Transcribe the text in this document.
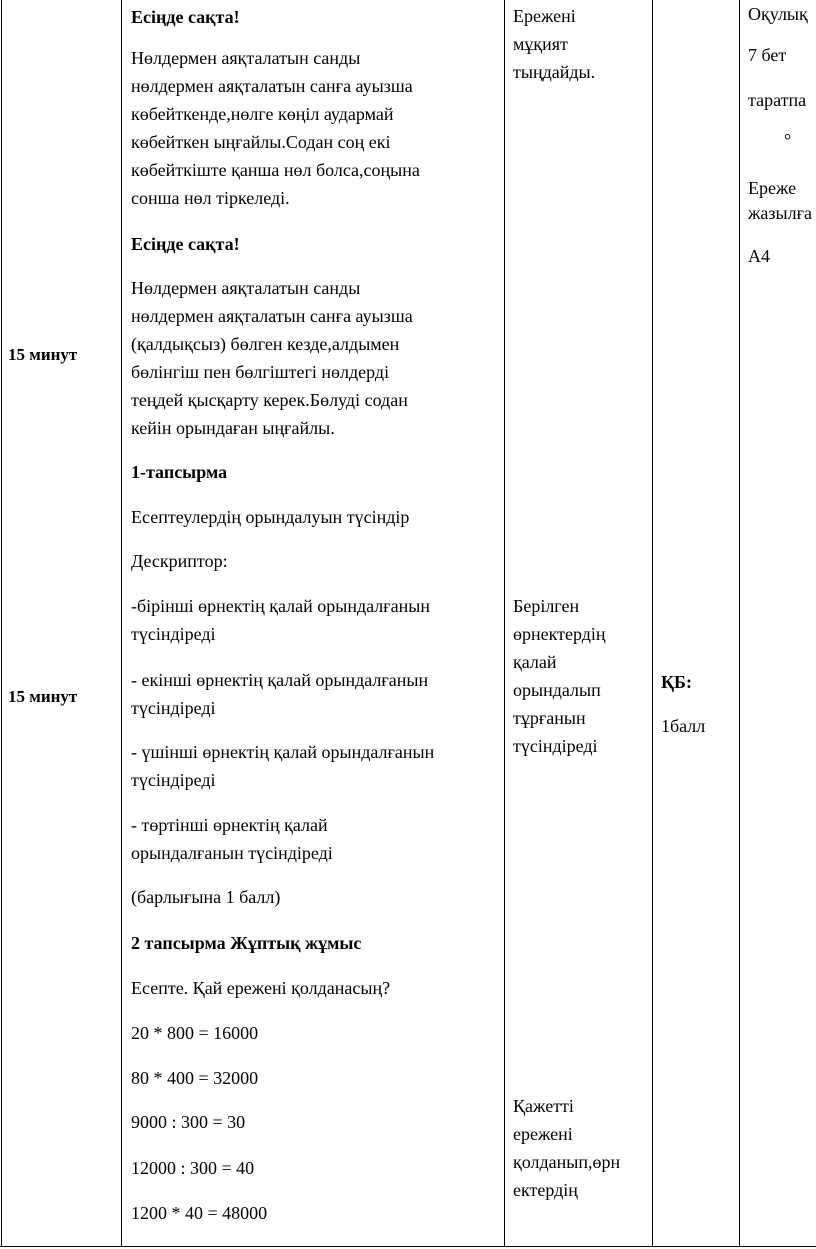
15 минут
15 минут
Есіңде сақта!
Нөлдермен аяқталатын санды
нөлдермен аяқталатын санға ауызша
көбейткенде,нөлге көңіл аудармай
көбейткен ыңғайлы.Содан соң екі
көбейткіште қанша нөл болса,соңына
сонша нөл тіркеледі.
Есіңде сақта!
Нөлдермен аяқталатын санды
нөлдермен аяқталатын санға ауызша
(қалдықсыз) бөлген кезде,алдымен
бөлінгіш пен бөлгіштегі нөлдерді
теңдей қысқарту керек.Бөлуді содан
кейін орындаған ыңғайлы.
1-тапсырма
Есептеулердің орындалуын түсіндір
Дескриптор:
-бірінші өрнектің қалай орындалғанын
түсіндіреді
- екінші өрнектің қалай орындалғанын
түсіндіреді
- үшінші өрнектің қалай орындалғанын
түсіндіреді
- төртінші өрнектің қалай
орындалғанын түсіндіреді
(барлығына 1 балл)
2 тапсырма Жұптық жұмыс
Есепте. Қай ережені қолданасың?
20 * 800 = 16000
80 * 400 = 32000
9000 : 300 = 30
12000 : 300 = 40
1200 * 40 = 48000
Ережені
мұқият
тыңдайды.
Берілген
өрнектердің
қалай
орындалып
тұрғанын
түсіндіреді
Қажетті
ережені
қолданып,өрн
ектердің
ҚБ:
1балл
Оқулық
7 бет
таратпа
°
Ереже
жазылға
А4
